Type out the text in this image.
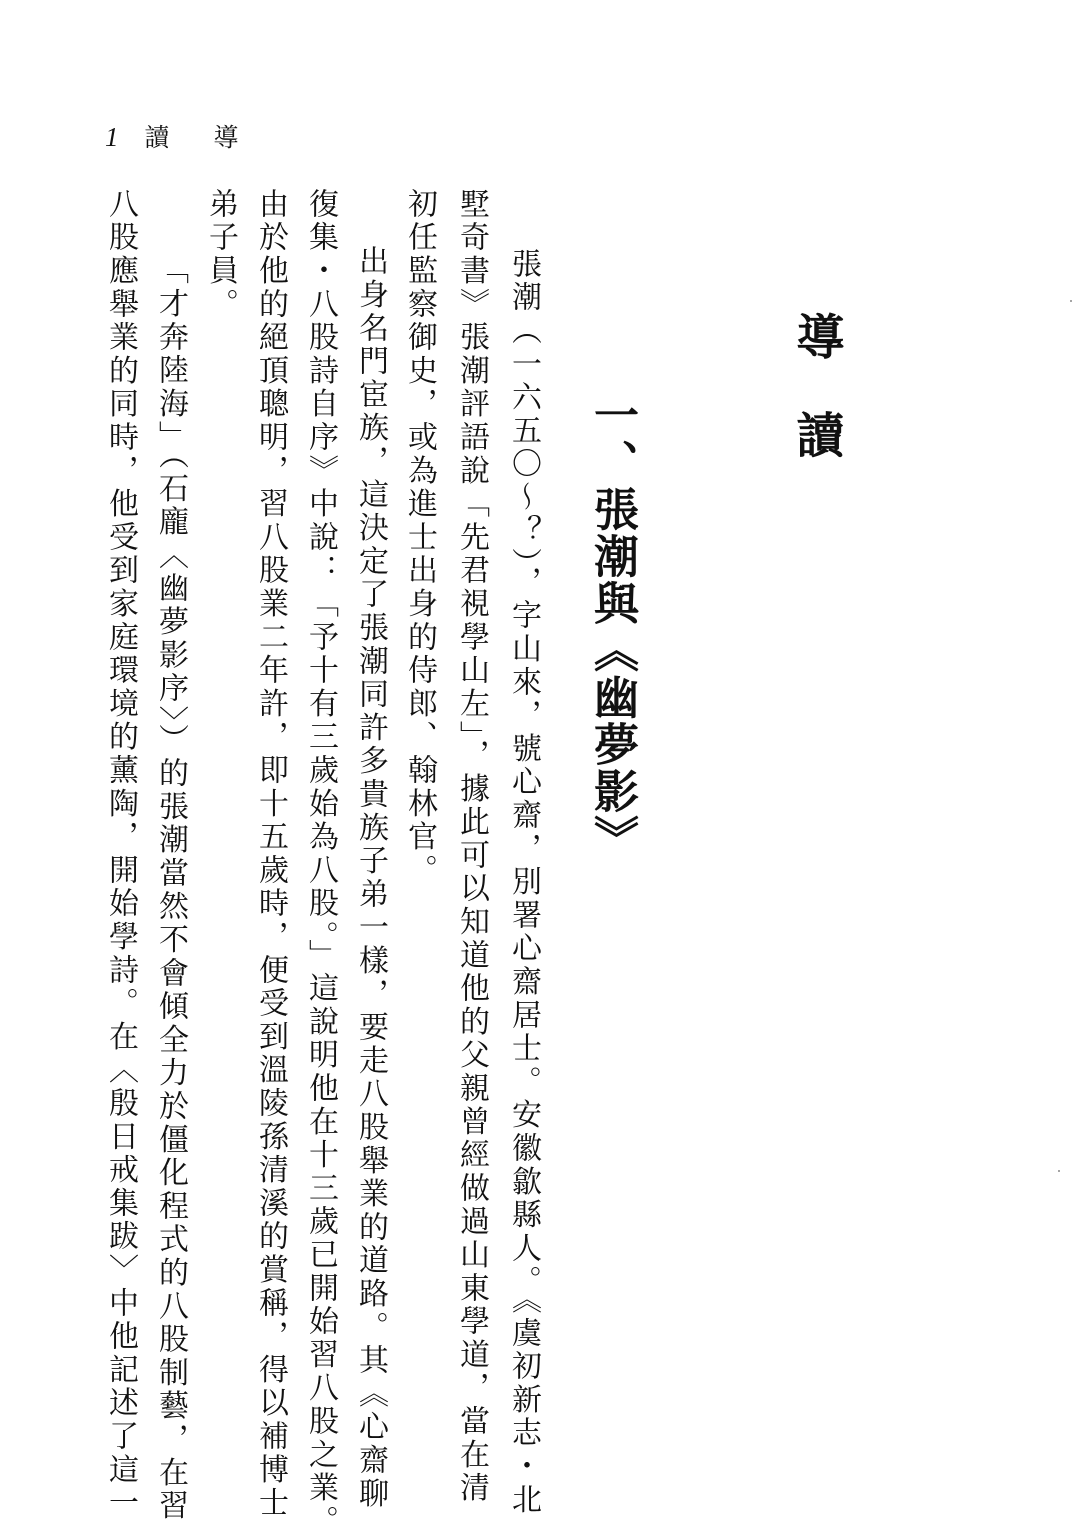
1 讀 導
導讀
一、張潮與《幽夢影》
張潮（一六五〇～？），字山來，號心齋，別署心齋居士。安徽歙縣人。《虞初新志・北
墅奇書》張潮評語說「先君視學山左」，據此可以知道他的父親曾經做過山東學道，當在清
初任監察御史，或為進士出身的侍郎、翰林官。
　出身名門宦族，這決定了張潮同許多貴族子弟一樣，要走八股舉業的道路。其《心齋聊
復集・八股詩自序》中說：「予十有三歲始為八股。」這說明他在十三歲已開始習八股之業。
由於他的絕頂聰明，習八股業二年許，即十五歲時，便受到溫陵孫清溪的賞稱，得以補博士
弟子員。
　「才奔陸海」（石龐〈幽夢影序〉）的張潮當然不會傾全力於僵化程式的八股制藝，在習
八股應舉業的同時，他受到家庭環境的薰陶，開始學詩。在〈殷日戒集跋〉中他記述了這一
